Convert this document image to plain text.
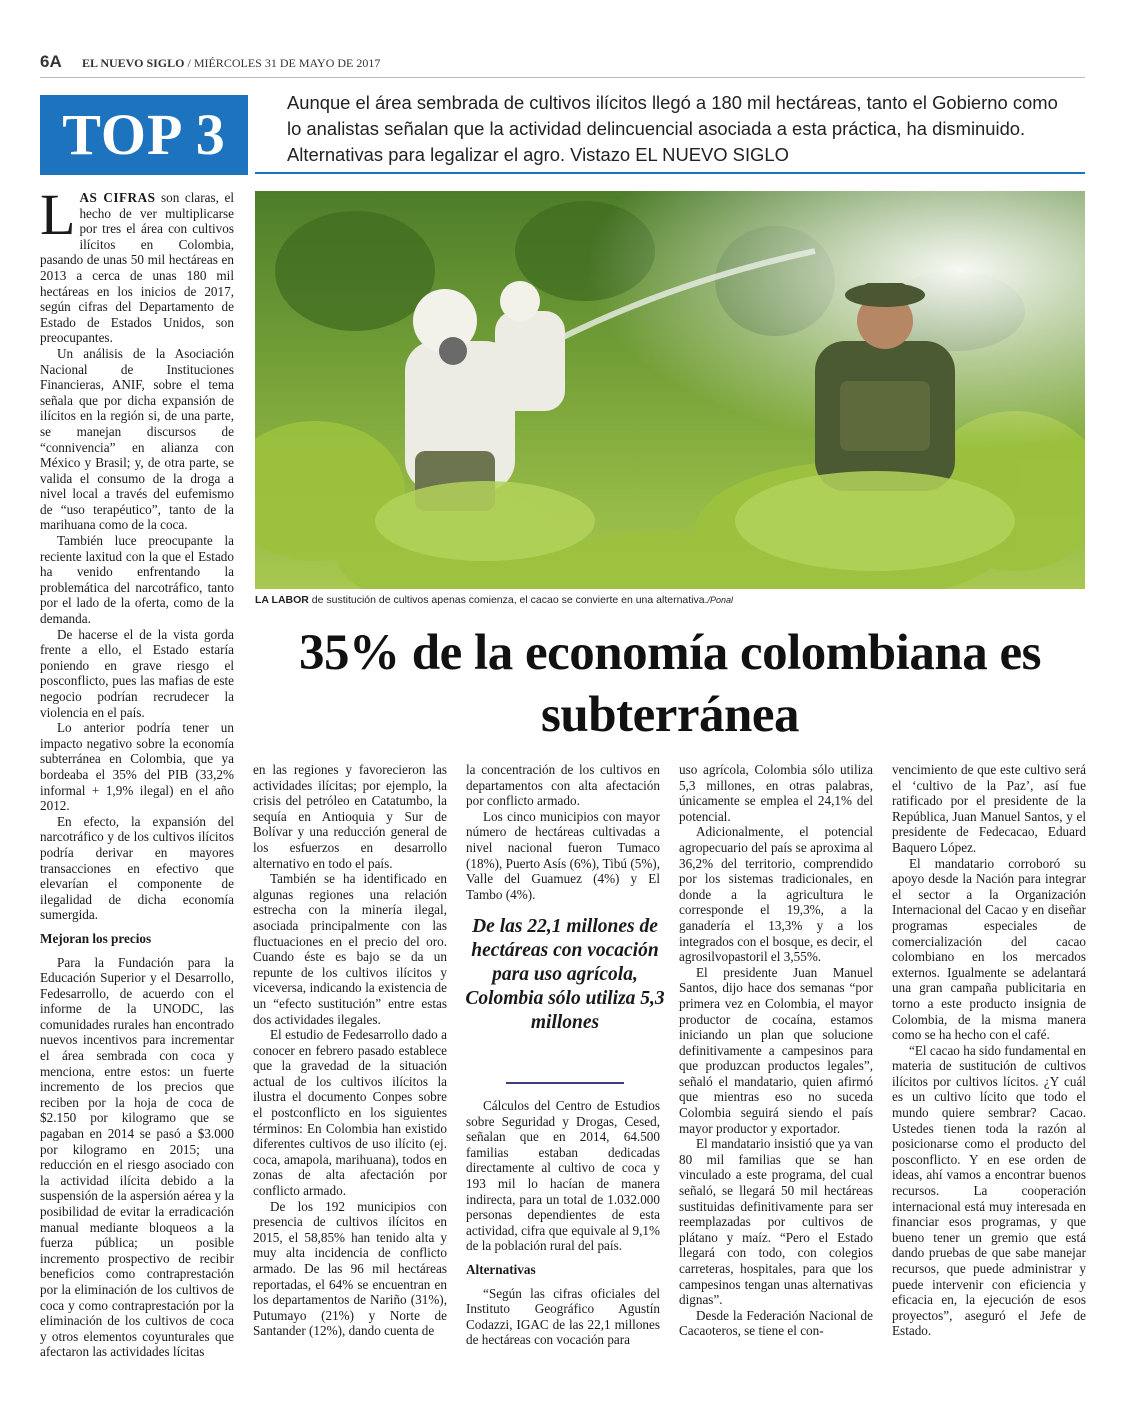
6A EL NUEVO SIGLO / MIÉRCOLES 31 DE MAYO DE 2017
TOP 3	Aunque el área sembrada de cultivos ilícitos llegó a 180 mil hectáreas, tanto el Gobierno como lo analistas señalan que la actividad delincuencial asociada a esta práctica, ha disminuido. Alternativas para legalizar el agro. Vistazo EL NUEVO SIGLO
LA LABOR de sustitución de cultivos apenas comienza, el cacao se convierte en una alternativa./Ponal
35% de la economía colombiana es subterránea

LAS CIFRAS son claras, el hecho de ver multiplicarse por tres el área con cultivos ilícitos en Colombia, pasando de unas 50 mil hectáreas en 2013 a cerca de unas 180 mil hectáreas en los inicios de 2017, según cifras del Departamento de Estado de Estados Unidos, son preocupantes.

Un análisis de la Asociación Nacional de Instituciones Financieras, ANIF, sobre el tema señala que por dicha expansión de ilícitos en la región si, de una parte, se manejan discursos de “connivencia” en alianza con México y Brasil; y, de otra parte, se valida el consumo de la droga a nivel local a través del eufemismo de “uso terapéutico”, tanto de la marihuana como de la coca.

También luce preocupante la reciente laxitud con la que el Estado ha venido enfrentando la problemática del narcotráfico, tanto por el lado de la oferta, como de la demanda.

De hacerse el de la vista gorda frente a ello, el Estado estaría poniendo en grave riesgo el posconflicto, pues las mafias de este negocio podrían recrudecer la violencia en el país.

Lo anterior podría tener un impacto negativo sobre la economía subterránea en Colombia, que ya bordeaba el 35% del PIB (33,2% informal + 1,9% ilegal) en el año 2012.

En efecto, la expansión del narcotráfico y de los cultivos ilícitos podría derivar en mayores transacciones en efectivo que elevarían el componente de ilegalidad de dicha economía sumergida.

Mejoran los precios

Para la Fundación para la Educación Superior y el Desarrollo, Fedesarrollo, de acuerdo con el informe de la UNODC, las comunidades rurales han encontrado nuevos incentivos para incrementar el área sembrada con coca y menciona, entre estos: un fuerte incremento de los precios que reciben por la hoja de coca de $2.150 por kilogramo que se pagaban en 2014 se pasó a $3.000 por kilogramo en 2015; una reducción en el riesgo asociado con la actividad ilícita debido a la suspensión de la aspersión aérea y la posibilidad de evitar la erradicación manual mediante bloqueos a la fuerza pública; un posible incremento prospectivo de recibir beneficios como contraprestación por la eliminación de los cultivos de coca y como contraprestación por la eliminación de los cultivos de coca y otros elementos coyunturales que afectaron las actividades lícitas

en las regiones y favorecieron las actividades ilícitas; por ejemplo, la crisis del petróleo en Catatumbo, la sequía en Antioquia y Sur de Bolívar y una reducción general de los esfuerzos en desarrollo alternativo en todo el país.

También se ha identificado en algunas regiones una relación estrecha con la minería ilegal, asociada principalmente con las fluctuaciones en el precio del oro. Cuando éste es bajo se da un repunte de los cultivos ilícitos y viceversa, indicando la existencia de un “efecto sustitución” entre estas dos actividades ilegales.

El estudio de Fedesarrollo dado a conocer en febrero pasado establece que la gravedad de la situación actual de los cultivos ilícitos la ilustra el documento Conpes sobre el postconflicto en los siguientes términos: En Colombia han existido diferentes cultivos de uso ilícito (ej. coca, amapola, marihuana), todos en zonas de alta afectación por conflicto armado.

De los 192 municipios con presencia de cultivos ilícitos en 2015, el 58,85% han tenido alta y muy alta incidencia de conflicto armado. De las 96 mil hectáreas reportadas, el 64% se encuentran en los departamentos de Nariño (31%), Putumayo (21%) y Norte de Santander (12%), dando cuenta de

la concentración de los cultivos en departamentos con alta afectación por conflicto armado.

Los cinco municipios con mayor número de hectáreas cultivadas a nivel nacional fueron Tumaco (18%), Puerto Asís (6%), Tibú (5%), Valle del Guamuez (4%) y El Tambo (4%).

De las 22,1 millones de hectáreas con vocación para uso agrícola, Colombia sólo utiliza 5,3 millones

Cálculos del Centro de Estudios sobre Seguridad y Drogas, Cesed, señalan que en 2014, 64.500 familias estaban dedicadas directamente al cultivo de coca y 193 mil lo hacían de manera indirecta, para un total de 1.032.000 personas dependientes de esta actividad, cifra que equivale al 9,1% de la población rural del país.

Alternativas

“Según las cifras oficiales del Instituto Geográfico Agustín Codazzi, IGAC de las 22,1 millones de hectáreas con vocación para

uso agrícola, Colombia sólo utiliza 5,3 millones, en otras palabras, únicamente se emplea el 24,1% del potencial.

Adicionalmente, el potencial agropecuario del país se aproxima al 36,2% del territorio, comprendido por los sistemas tradicionales, en donde a la agricultura le corresponde el 19,3%, a la ganadería el 13,3% y a los integrados con el bosque, es decir, el agrosilvopastoril el 3,55%.

El presidente Juan Manuel Santos, dijo hace dos semanas “por primera vez en Colombia, el mayor productor de cocaína, estamos iniciando un plan que solucione definitivamente a campesinos para que produzcan productos legales”, señaló el mandatario, quien afirmó que mientras eso no suceda Colombia seguirá siendo el país mayor productor y exportador.

El mandatario insistió que ya van 80 mil familias que se han vinculado a este programa, del cual señaló, se llegará 50 mil hectáreas sustituidas definitivamente para ser reemplazadas por cultivos de plátano y maíz. “Pero el Estado llegará con todo, con colegios carreteras, hospitales, para que los campesinos tengan unas alternativas dignas”.

Desde la Federación Nacional de Cacaoteros, se tiene el con-

vencimiento de que este cultivo será el ‘cultivo de la Paz’, así fue ratificado por el presidente de la República, Juan Manuel Santos, y el presidente de Fedecacao, Eduard Baquero López.

El mandatario corroboró su apoyo desde la Nación para integrar el sector a la Organización Internacional del Cacao y en diseñar programas especiales de comercialización del cacao colombiano en los mercados externos. Igualmente se adelantará una gran campaña publicitaria en torno a este producto insignia de Colombia, de la misma manera como se ha hecho con el café.

“El cacao ha sido fundamental en materia de sustitución de cultivos ilícitos por cultivos lícitos. ¿Y cuál es un cultivo lícito que todo el mundo quiere sembrar? Cacao. Ustedes tienen toda la razón al posicionarse como el producto del posconflicto. Y en ese orden de ideas, ahí vamos a encontrar buenos recursos. La cooperación internacional está muy interesada en financiar esos programas, y que bueno tener un gremio que está dando pruebas de que sabe manejar recursos, que puede administrar y puede intervenir con eficiencia y eficacia en, la ejecución de esos proyectos”, aseguró el Jefe de Estado.
